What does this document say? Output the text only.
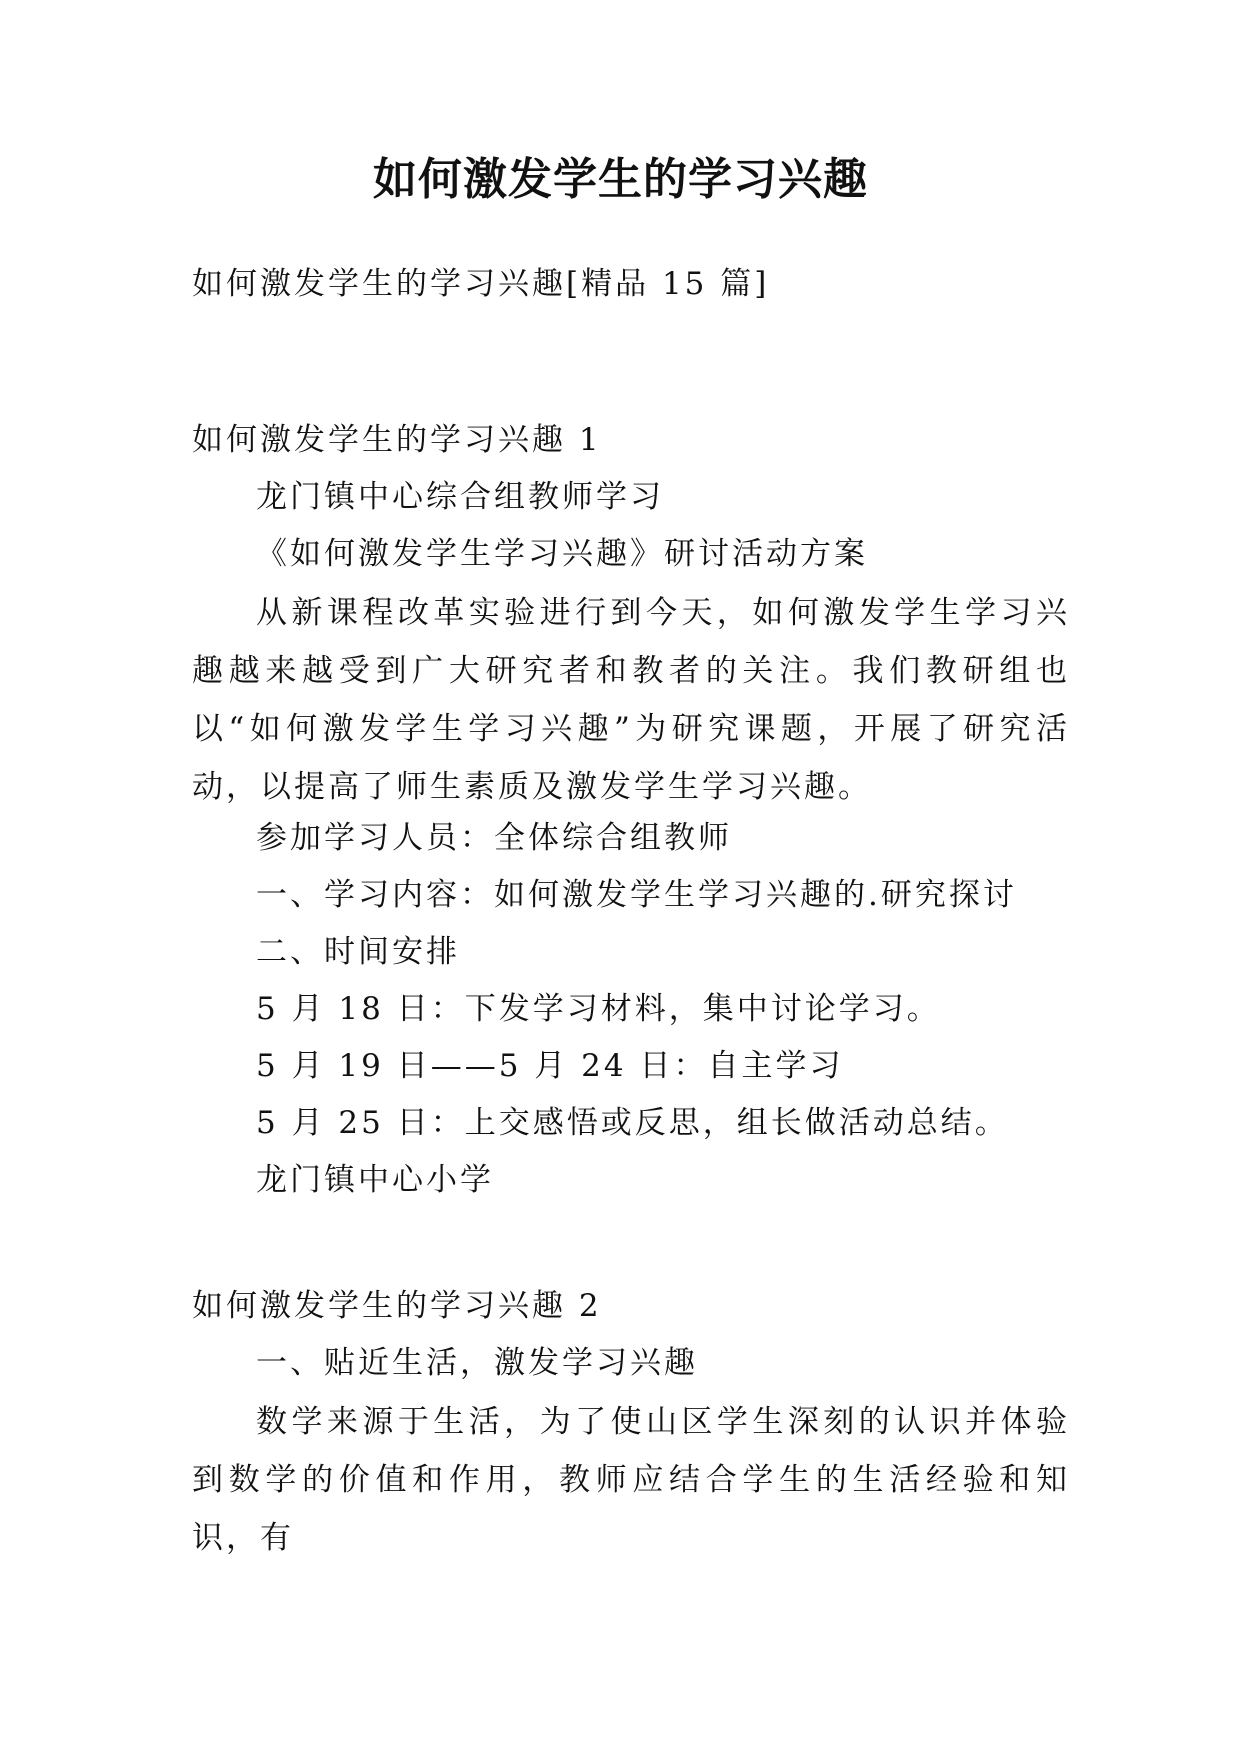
如何激发学生的学习兴趣

如何激发学生的学习兴趣[精品 15 篇]

如何激发学生的学习兴趣 1

龙门镇中心综合组教师学习

《如何激发学生学习兴趣》研讨活动方案

从新课程改革实验进行到今天，如何激发学生学习兴趣越来越受到广大研究者和教者的关注。我们教研组也以“如何激发学生学习兴趣”为研究课题，开展了研究活动，以提高了师生素质及激发学生学习兴趣。

参加学习人员：全体综合组教师

一、学习内容：如何激发学生学习兴趣的.研究探讨

二、时间安排

5 月 18 日：下发学习材料，集中讨论学习。

5 月 19 日——5 月 24 日：自主学习

5 月 25 日：上交感悟或反思，组长做活动总结。

龙门镇中心小学

如何激发学生的学习兴趣 2

一、贴近生活，激发学习兴趣

数学来源于生活，为了使山区学生深刻的认识并体验到数学的价值和作用，教师应结合学生的生活经验和知识，有
